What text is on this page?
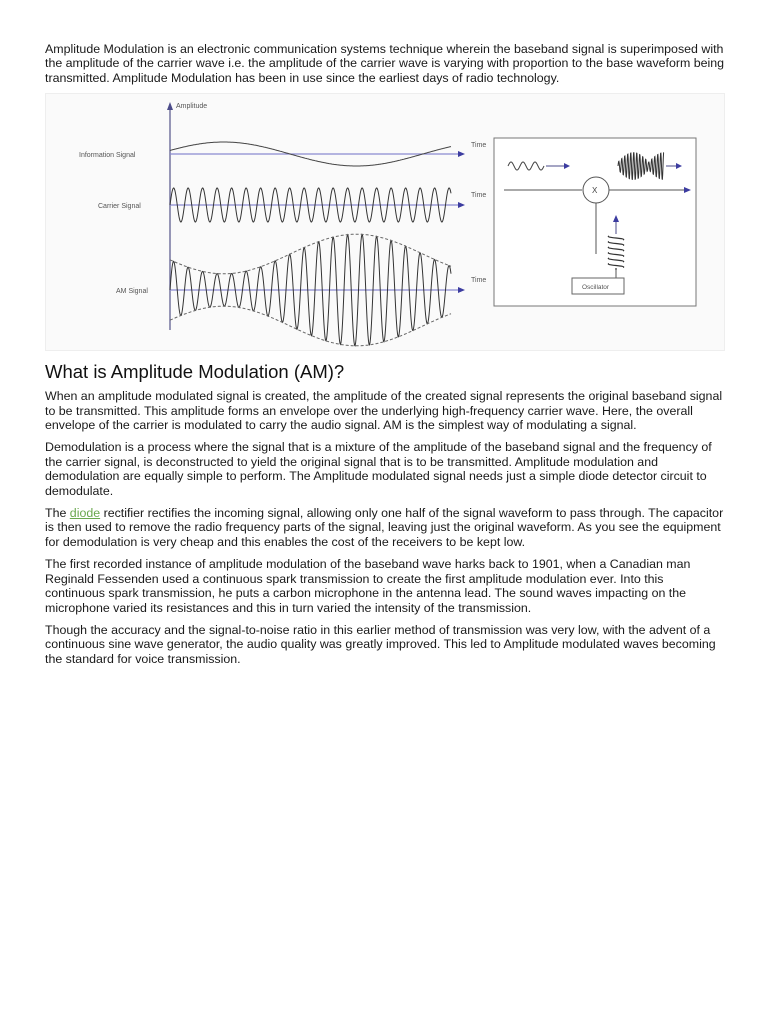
Amplitude Modulation is an electronic communication systems technique wherein the baseband signal is superimposed with the amplitude of the carrier wave i.e. the amplitude of the carrier wave is varying with proportion to the base waveform being transmitted. Amplitude Modulation has been in use since the earliest days of radio technology.

Amplitude
Information Signal
Time
Carrier Signal
Time
AM Signal
Time
X
Oscillator
What is Amplitude Modulation (AM)?

When an amplitude modulated signal is created, the amplitude of the created signal represents the original baseband signal to be transmitted. This amplitude forms an envelope over the underlying high-frequency carrier wave. Here, the overall envelope of the carrier is modulated to carry the audio signal. AM is the simplest way of modulating a signal.

Demodulation is a process where the signal that is a mixture of the amplitude of the baseband signal and the frequency of the carrier signal, is deconstructed to yield the original signal that is to be transmitted. Amplitude modulation and demodulation are equally simple to perform. The Amplitude modulated signal needs just a simple diode detector circuit to demodulate.

The diode rectifier rectifies the incoming signal, allowing only one half of the signal waveform to pass through. The capacitor is then used to remove the radio frequency parts of the signal, leaving just the original waveform. As you see the equipment for demodulation is very cheap and this enables the cost of the receivers to be kept low.

The first recorded instance of amplitude modulation of the baseband wave harks back to 1901, when a Canadian man Reginald Fessenden used a continuous spark transmission to create the first amplitude modulation ever. Into this continuous spark transmission, he puts a carbon microphone in the antenna lead. The sound waves impacting on the microphone varied its resistances and this in turn varied the intensity of the transmission.

Though the accuracy and the signal-to-noise ratio in this earlier method of transmission was very low, with the advent of a continuous sine wave generator, the audio quality was greatly improved. This led to Amplitude modulated waves becoming the standard for voice transmission.
